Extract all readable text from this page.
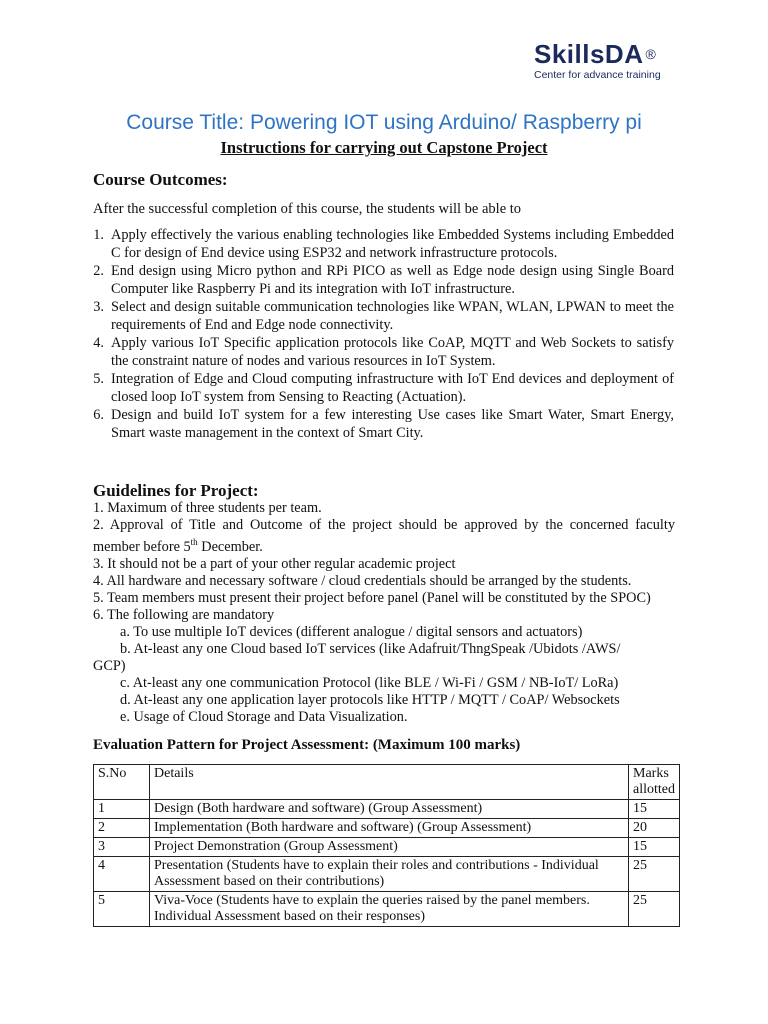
SkillsDA ®
Center for advance training
Course Title: Powering IOT using Arduino/ Raspberry pi
Instructions for carrying out Capstone Project
Course Outcomes:
After the successful completion of this course, the students will be able to
1. Apply effectively the various enabling technologies like Embedded Systems including Embedded C for design of End device using ESP32 and network infrastructure protocols.
2. End design using Micro python and RPi PICO as well as Edge node design using Single Board Computer like Raspberry Pi and its integration with IoT infrastructure.
3. Select and design suitable communication technologies like WPAN, WLAN, LPWAN to meet the requirements of End and Edge node connectivity.
4. Apply various IoT Specific application protocols like CoAP, MQTT and Web Sockets to satisfy the constraint nature of nodes and various resources in IoT System.
5. Integration of Edge and Cloud computing infrastructure with IoT End devices and deployment of closed loop IoT system from Sensing to Reacting (Actuation).
6. Design and build IoT system for a few interesting Use cases like Smart Water, Smart Energy, Smart waste management in the context of Smart City.
Guidelines for Project:
1. Maximum of three students per team.
2. Approval of Title and Outcome of the project should be approved by the concerned faculty member before 5th December.
3. It should not be a part of your other regular academic project
4. All hardware and necessary software / cloud credentials should be arranged by the students.
5. Team members must present their project before panel (Panel will be constituted by the SPOC)
6. The following are mandatory
a. To use multiple IoT devices (different analogue / digital sensors and actuators)
b. At-least any one Cloud based IoT services (like Adafruit/ThngSpeak /Ubidots /AWS/
GCP)
c. At-least any one communication Protocol (like BLE / Wi-Fi / GSM / NB-IoT/ LoRa)
d. At-least any one application layer protocols like HTTP / MQTT / CoAP/ Websockets
e. Usage of Cloud Storage and Data Visualization.
Evaluation Pattern for Project Assessment: (Maximum 100 marks)
S.No	Details	Marks allotted
1	Design (Both hardware and software) (Group Assessment)	15
2	Implementation (Both hardware and software) (Group Assessment)	20
3	Project Demonstration (Group Assessment)	15
4	Presentation (Students have to explain their roles and contributions - Individual Assessment based on their contributions)	25
5	Viva-Voce (Students have to explain the queries raised by the panel members. Individual Assessment based on their responses)	25
